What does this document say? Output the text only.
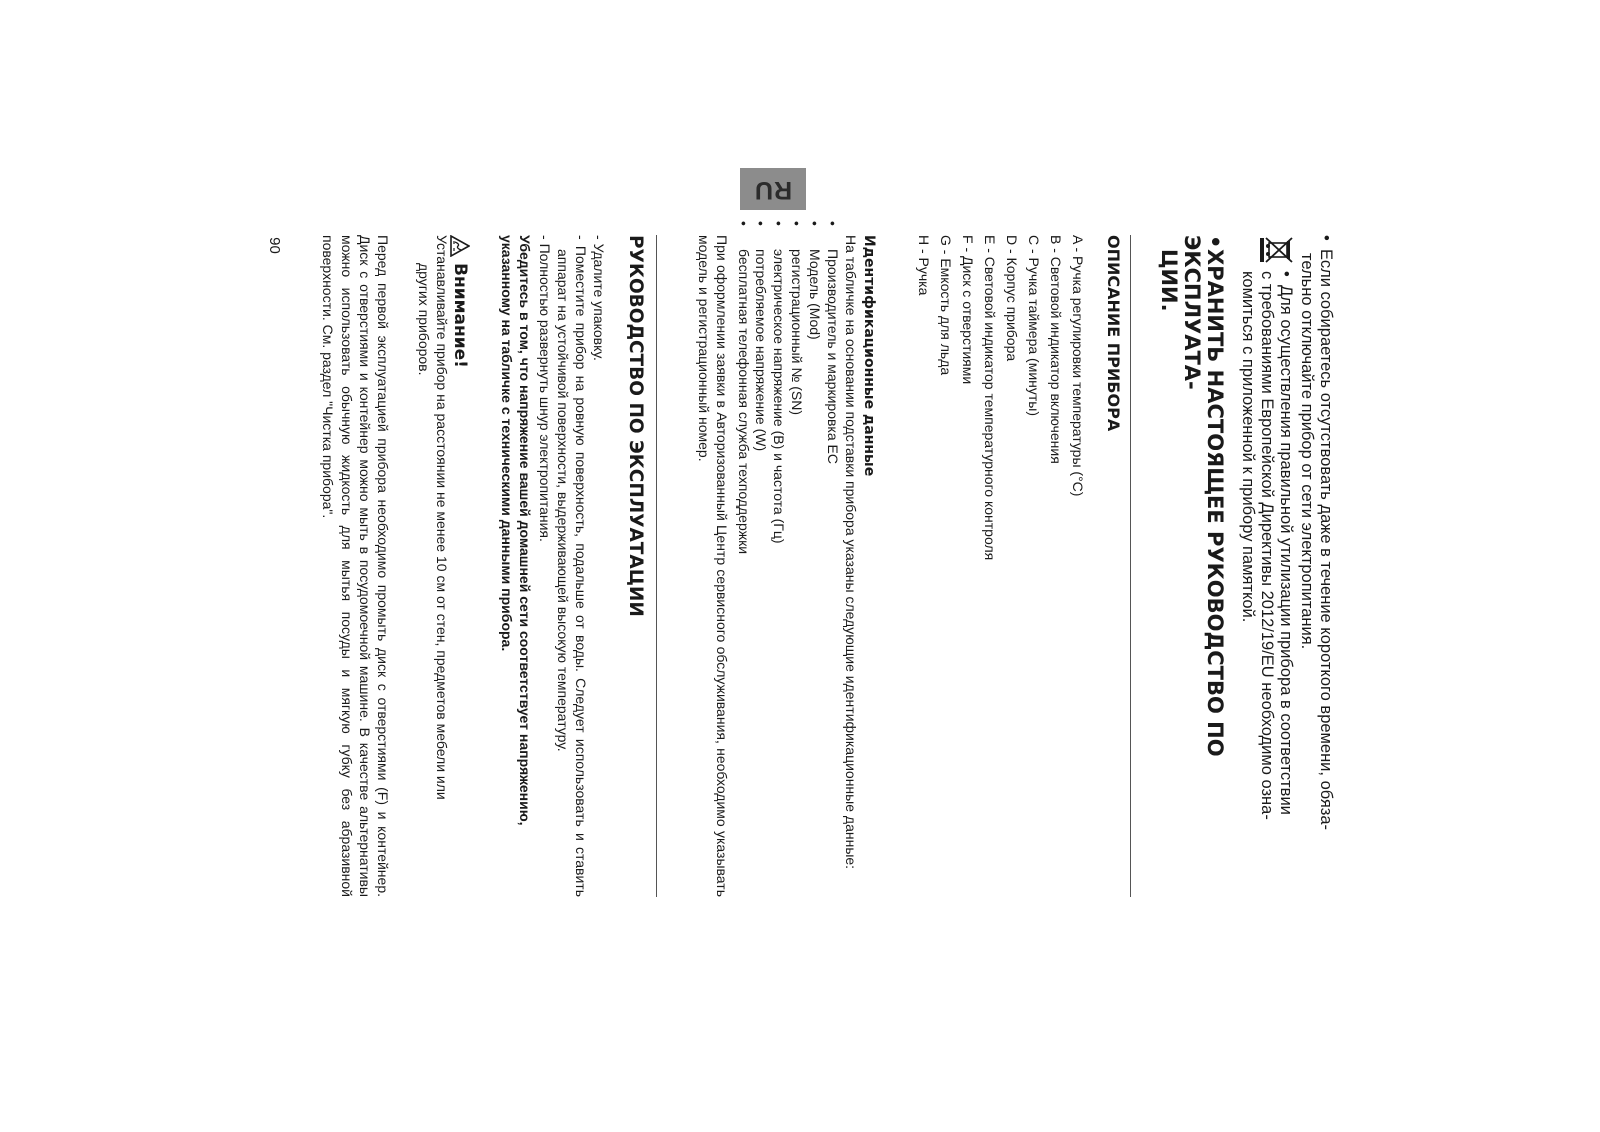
RU
90	•Если собираетесь отсутствовать даже в течение короткого времени, обяза-

тельно отключайте прибор от сети электропитания.

•Для осуществления правильной утилизации прибора в соответствии
с требованиями Европейской Директивы 2012/19/EU необходимо озна-
комиться с приложенной к прибору памяткой.

•ХРАНИТЬ НАСТОЯЩЕЕ РУКОВОДСТВО ПО ЭКСПЛУАТА-
ЦИИ.

ОПИСАНИЕ ПРИБОРА
A - Ручка регулировки температуры (°C)
B - Световой индикатор включения
C - Ручка таймера (минуты)
D - Корпус прибора
E - Световой индикатор температурного контроля
F - Диск с отверстиями
G - Емкость для льда
H - Ручка
Идентификационные данные
На табличке на основании подставки прибора указаны следующие идентификационные данные:
•Производитель и маркировка ЕС
•Модель (Mod)
•регистрационный № (SN)
•электрическое напряжение (В) и частота (Гц)
•потребляемое напряжение (W)
•бесплатная телефонная служба техподдержки
При оформлении заявки в Авторизованный Центр сервисного обслуживания, необходимо указывать модель и регистрационный номер.
РУКОВОДСТВО ПО ЭКСПЛУАТАЦИИ
- Удалите упаковку.
- Поместите прибор на ровную поверхность, подальше от воды. Следует использовать и ставить аппарат на устойчивой поверхности, выдерживающей высокую температуру.
- Полностью развернуть шнур электропитания.
Убедитесь в том, что напряжение вашей домашней сети соответствует напряжению, указанному на табличке с техническими данными прибора.
Внимание!

Устанавливайте прибор на расстоянии не менее 10 см от стен, предметов мебели или
других приборов.

Перед первой эксплуатацией прибора необходимо промыть диск с отверстиями (F) и контейнер. Диск с отверстиями и контейнер можно мыть в посудомоечной машине. В качестве альтернативы можно использовать обычную жидкость для мытья посуды и мягкую губку без абразивной поверхности. См. раздел "Чистка прибора".
